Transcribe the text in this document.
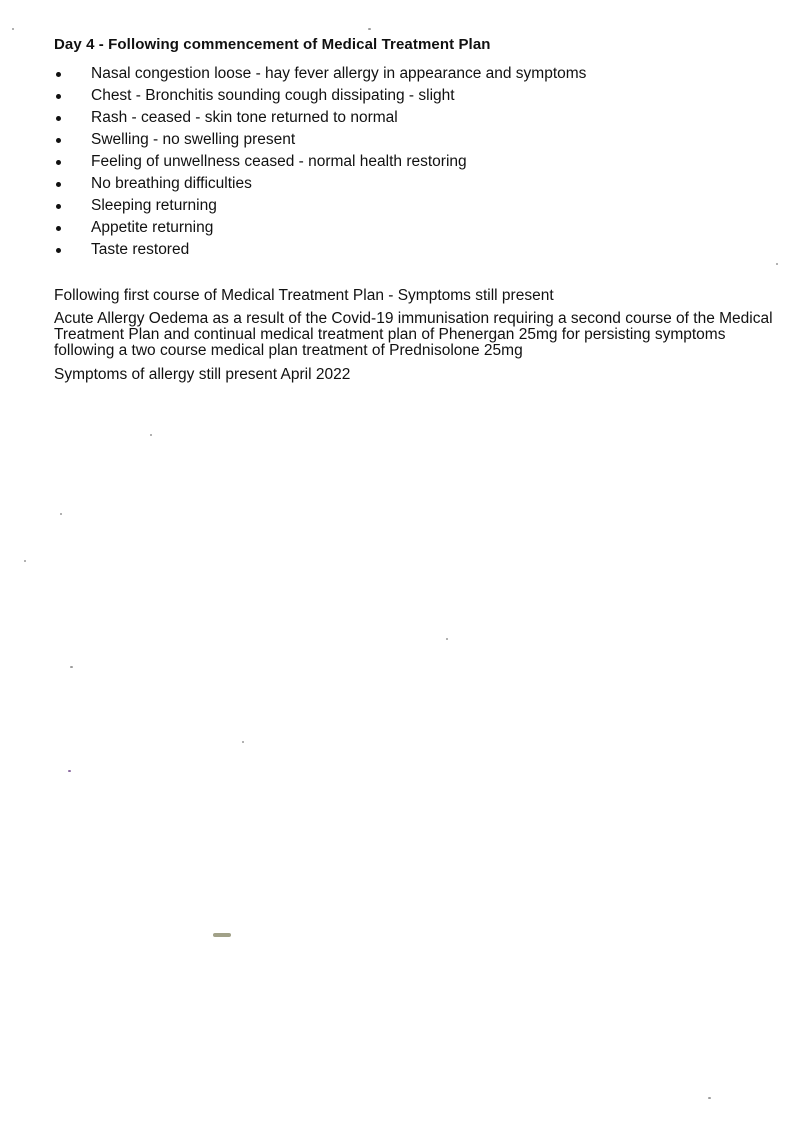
Day 4 - Following commencement of Medical Treatment Plan
Nasal congestion loose - hay fever allergy in appearance and symptoms
Chest - Bronchitis sounding cough dissipating - slight
Rash - ceased - skin tone returned to normal
Swelling - no swelling present
Feeling of unwellness ceased - normal health restoring
No breathing difficulties
Sleeping returning
Appetite returning
Taste restored
Following first course of Medical Treatment Plan - Symptoms still present
Acute Allergy Oedema as a result of the Covid-19 immunisation requiring a second course of the Medical Treatment Plan and continual medical treatment plan of Phenergan 25mg for persisting symptoms following a two course medical plan treatment of Prednisolone 25mg
Symptoms of allergy still present April 2022
